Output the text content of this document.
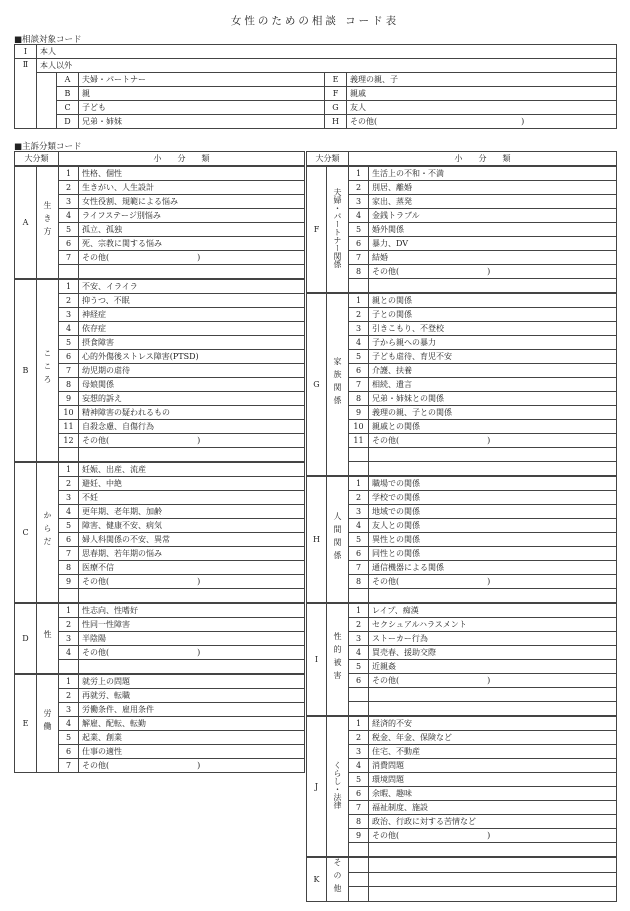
女性のための相談 コード表
■相談対象コード
Ⅰ	本人				
Ⅱ	本人以外				
		A	夫婦・パートナー	E	義理の親、子
		B	親	F	親戚
		C	子ども	G	友人
		D	兄弟・姉妹	H	その他(　　　　　　　　　　　　　　　　　　)
■主訴分類コード
大分類	小　　分　　類
A	生き方	1	性格、個性
		2	生きがい、人生設計
		3	女性役割、規範による悩み
		4	ライフステージ別悩み
		5	孤立、孤独
		6	死、宗教に関する悩み
		7	その他(　　　　　　　　　　　)

B	こころ	1	不安、イライラ
		2	抑うつ、不眠
		3	神経症
		4	依存症
		5	摂食障害
		6	心的外傷後ストレス障害(PTSD)
		7	幼児期の虐待
		8	母娘関係
		9	妄想的訴え
		10	精神障害の疑われるもの
		11	自殺念慮、自傷行為
		12	その他(　　　　　　　　　　　)

C	からだ	1	妊娠、出産、流産
		2	避妊、中絶
		3	不妊
		4	更年期、老年期、加齢
		5	障害、健康不安、病気
		6	婦人科関係の不安、異常
		7	思春期、若年期の悩み
		8	医療不信
		9	その他(　　　　　　　　　　　)

D	性	1	性志向、性嗜好
		2	性同一性障害
		3	半陰陽
		4	その他(　　　　　　　　　　　)

E	労働	1	就労上の問題
		2	再就労、転職
		3	労働条件、雇用条件
		4	解雇、配転、転勤
		5	起業、創業
		6	仕事の適性
		7	その他(　　　　　　　　　　　)
大分類	小　　分　　類
F	夫婦・パートナー関係	1	生活上の不和・不満
		2	別居、離婚
		3	家出、蒸発
		4	金銭トラブル
		5	婚外関係
		6	暴力、DV
		7	結婚
		8	その他(　　　　　　　　　　　)

G	家族関係	1	親との関係
		2	子との関係
		3	引きこもり、不登校
		4	子から親への暴力
		5	子ども虐待、育児不安
		6	介護、扶養
		7	相続、遺言
		8	兄弟・姉妹との関係
		9	義理の親、子との関係
		10	親戚との関係
		11	その他(　　　　　　　　　　　)

H	人間関係	1	職場での関係
		2	学校での関係
		3	地域での関係
		4	友人との関係
		5	異性との関係
		6	同性との関係
		7	通信機器による関係
		8	その他(　　　　　　　　　　　)

I	性的被害	1	レイプ、痴漢
		2	セクシュアルハラスメント
		3	ストーカー行為
		4	買売春、援助交際
		5	近親姦
		6	その他(　　　　　　　　　　　)

J	くらし・法律	1	経済的不安
		2	税金、年金、保険など
		3	住宅、不動産
		4	消費問題
		5	環境問題
		6	余暇、趣味
		7	福祉制度、施設
		8	政治、行政に対する苦情など
		9	その他(　　　　　　　　　　　)

K	その他		
